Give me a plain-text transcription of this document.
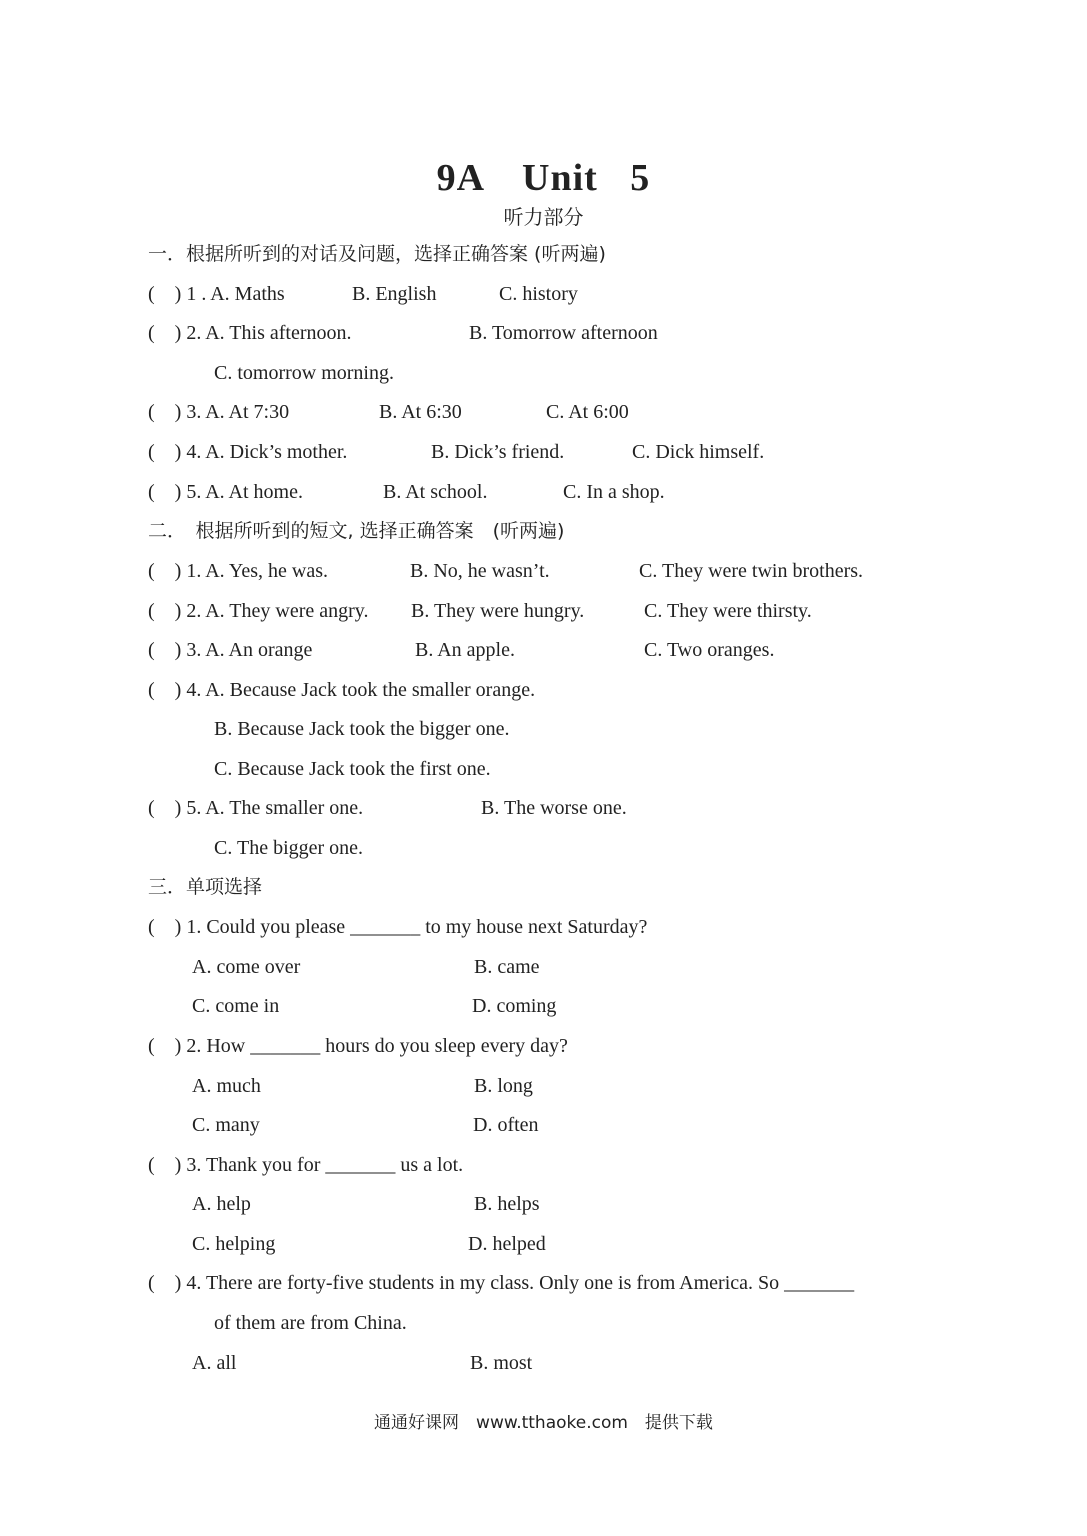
9A　Unit 5
听力部分
一．根据所听到的对话及问题，选择正确答案 (听两遍)
(　) 1 . A. Maths	B. English	C. history
(　) 2. A. This afternoon.	B. Tomorrow afternoon
C. tomorrow morning.
(　) 3. A. At 7:30	B. At 6:30	C. At 6:00
(　) 4. A. Dick’s mother.	B. Dick’s friend.	C. Dick himself.
(　) 5. A. At home.	B. At school.	C. In a shop.
二．　根据所听到的短文, 选择正确答案　(听两遍)
(　) 1. A. Yes, he was.	B. No, he wasn’t.	C. They were twin brothers.
(　) 2. A. They were angry. B. They were hungry.	C. They were thirsty.
(　) 3. A. An orange	B. An apple.	C. Two oranges.
(　) 4. A. Because Jack took the smaller orange.
B. Because Jack took the bigger one.
C. Because Jack took the first one.
(　) 5. A. The smaller one.	B. The worse one.
C. The bigger one.
三．单项选择
(　) 1. Could you please _______ to my house next Saturday?
A. come over	B. came
C. come in	D. coming
(　) 2. How _______ hours do you sleep every day?
A. much	B. long
C. many	D. often
(　) 3. Thank you for _______ us a lot.
A. help	B. helps
C. helping	D. helped
(　) 4. There are forty-five students in my class. Only one is from America. So _______
of them are from China.
A. all	B. most
通通好课网　www.tthaoke.com　提供下载
